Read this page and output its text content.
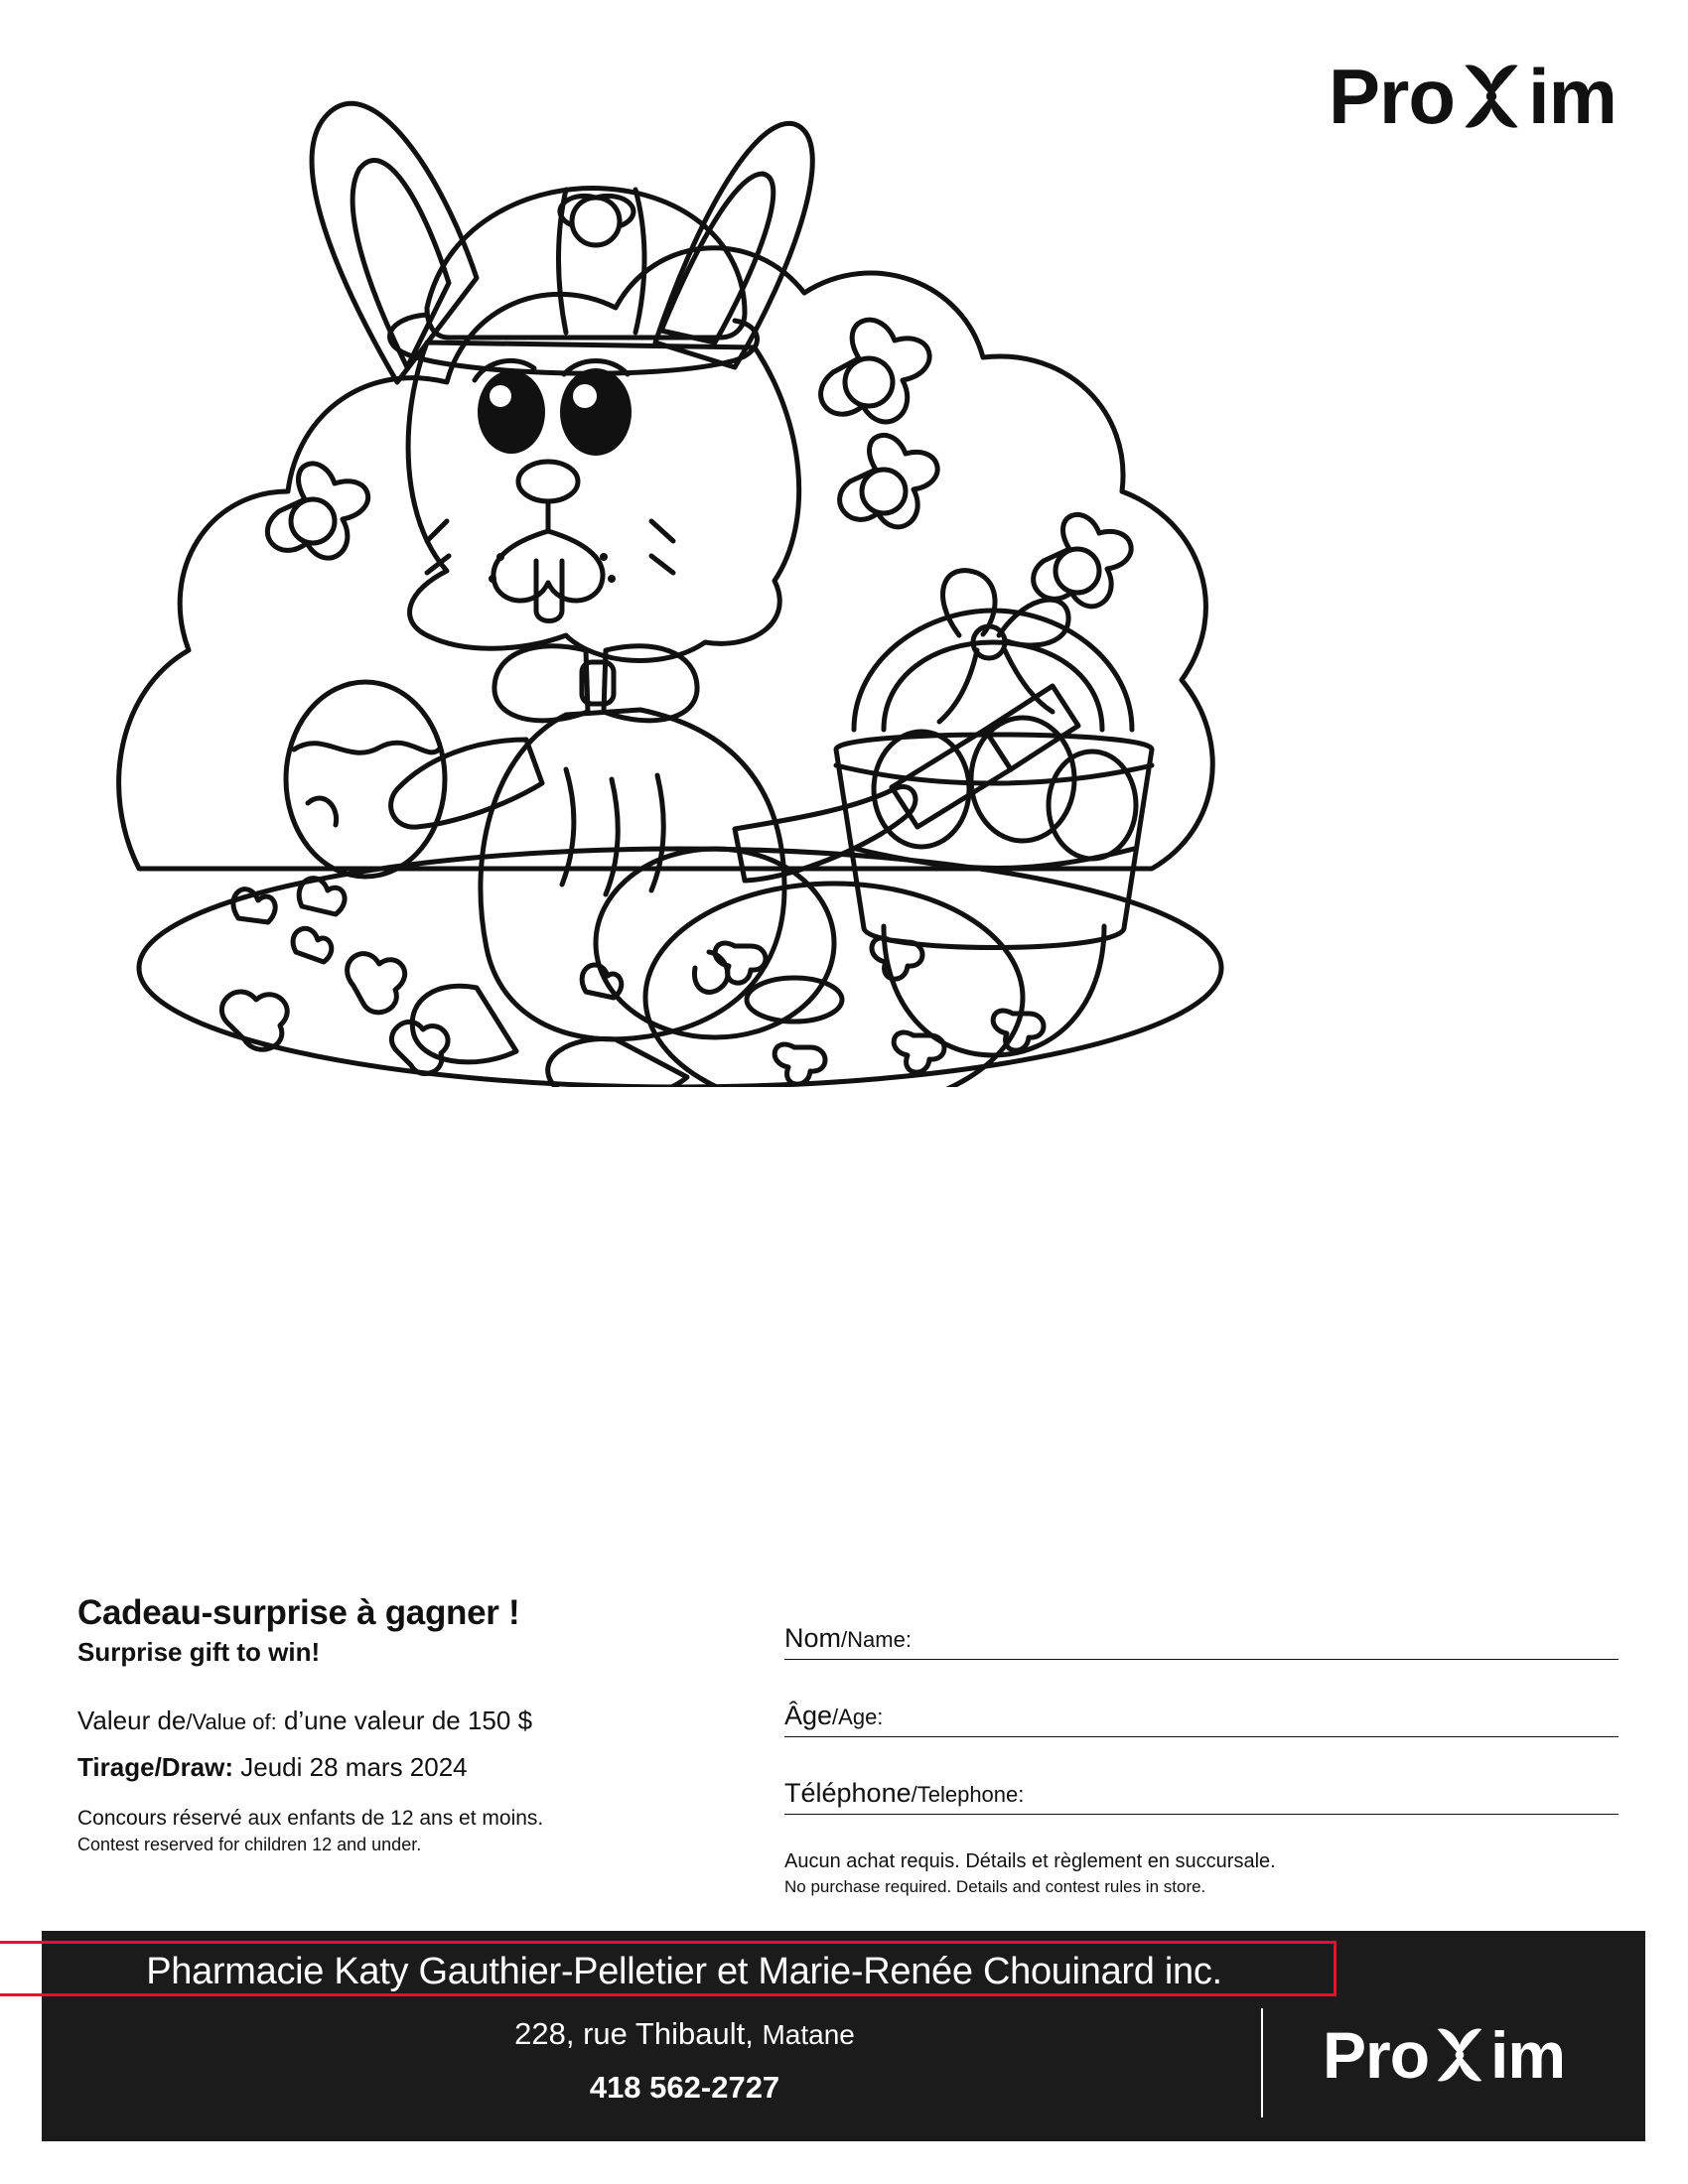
Pro im

Cadeau-surprise à gagner !

Surprise gift to win!

Valeur de/Value of: d’une valeur de 150 $

Tirage/Draw: Jeudi 28 mars 2024

Concours réservé aux enfants de 12 ans et moins.

Contest reserved for children 12 and under.

Nom/Name:
Âge/Age:
Téléphone/Telephone:

Aucun achat requis. Détails et règlement en succursale.

No purchase required. Details and contest rules in store.

Pharmacie Katy Gauthier-Pelletier et Marie-Renée Chouinard inc.
228, rue Thibault, Matane
418 562-2727	Pro im
